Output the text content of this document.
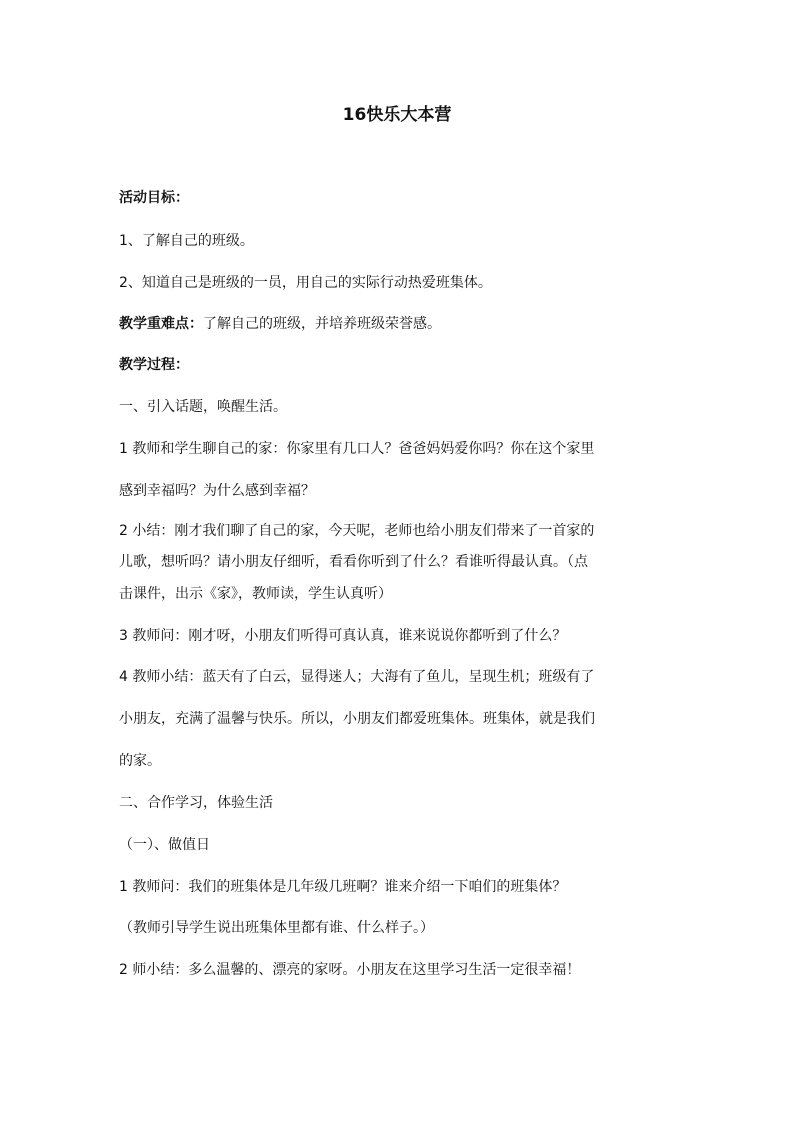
16快乐大本营
活动目标：
1、了解自己的班级。
2、知道自己是班级的一员，用自己的实际行动热爱班集体。
教学重难点：了解自己的班级，并培养班级荣誉感。
教学过程：
一、引入话题，唤醒生活。
1 教师和学生聊自己的家：你家里有几口人？爸爸妈妈爱你吗？你在这个家里
感到幸福吗？为什么感到幸福？
2 小结：刚才我们聊了自己的家，今天呢，老师也给小朋友们带来了一首家的
儿歌，想听吗？请小朋友仔细听，看看你听到了什么？看谁听得最认真。（点
击课件，出示《家》，教师读，学生认真听）
3 教师问：刚才呀，小朋友们听得可真认真，谁来说说你都听到了什么？
4 教师小结：蓝天有了白云，显得迷人；大海有了鱼儿，呈现生机；班级有了
小朋友，充满了温馨与快乐。所以，小朋友们都爱班集体。班集体，就是我们
的家。
二、合作学习，体验生活
（一）、做值日
1 教师问：我们的班集体是几年级几班啊？谁来介绍一下咱们的班集体？
（教师引导学生说出班集体里都有谁、什么样子。）
2 师小结：多么温馨的、漂亮的家呀。小朋友在这里学习生活一定很幸福！
